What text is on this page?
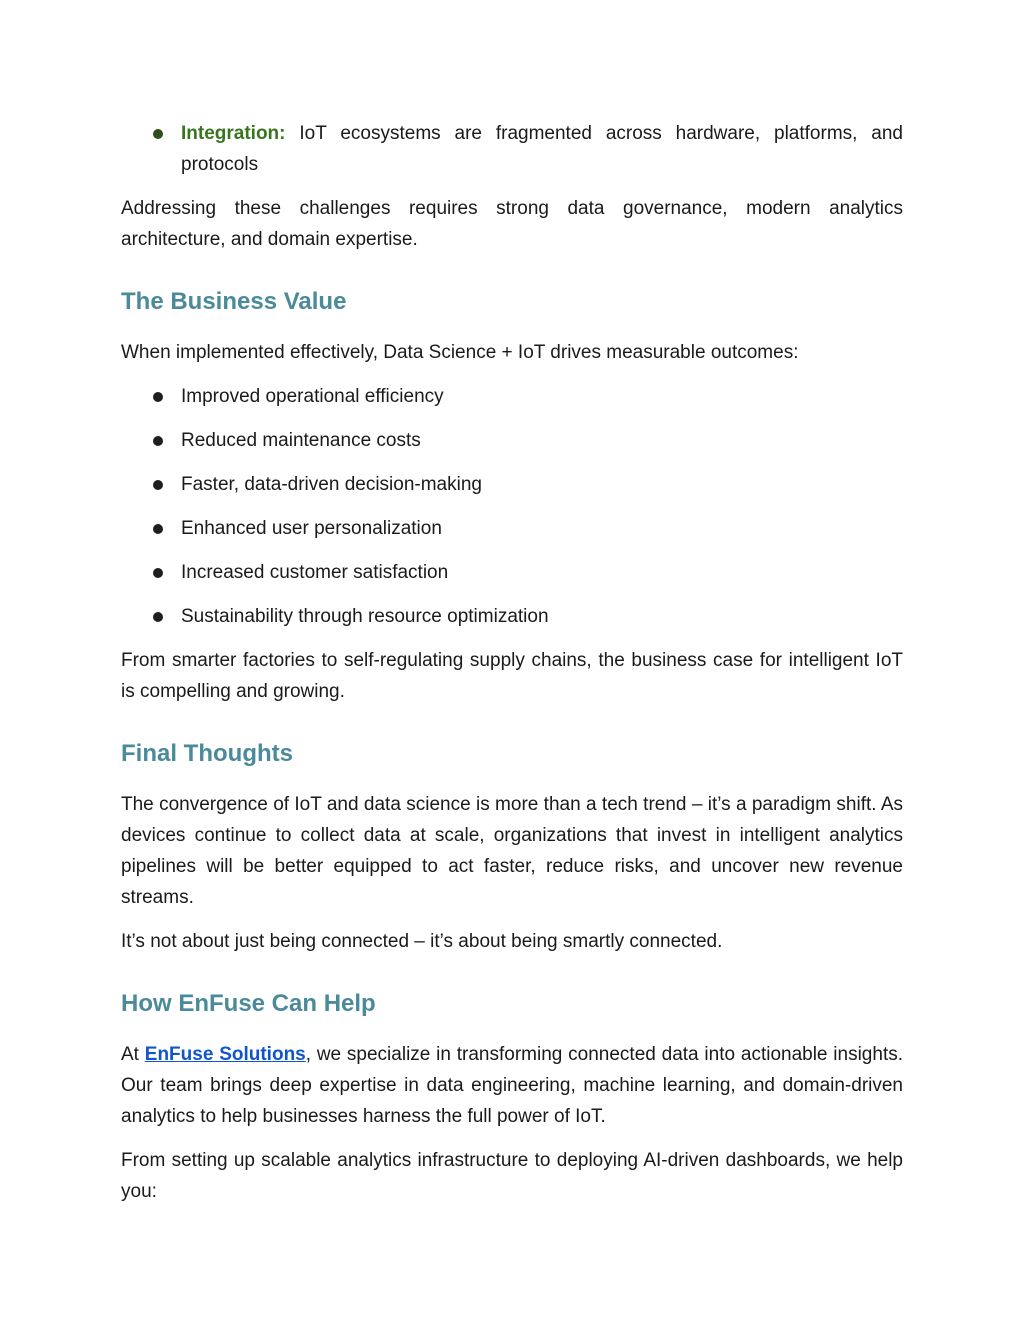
Integration: IoT ecosystems are fragmented across hardware, platforms, and protocols

Addressing these challenges requires strong data governance, modern analytics architecture, and domain expertise.

The Business Value

When implemented effectively, Data Science + IoT drives measurable outcomes:

Improved operational efficiency
Reduced maintenance costs
Faster, data-driven decision-making
Enhanced user personalization
Increased customer satisfaction
Sustainability through resource optimization

From smarter factories to self-regulating supply chains, the business case for intelligent IoT is compelling and growing.

Final Thoughts

The convergence of IoT and data science is more than a tech trend – it’s a paradigm shift. As devices continue to collect data at scale, organizations that invest in intelligent analytics pipelines will be better equipped to act faster, reduce risks, and uncover new revenue streams.

It’s not about just being connected – it’s about being smartly connected.

How EnFuse Can Help

At EnFuse Solutions, we specialize in transforming connected data into actionable insights. Our team brings deep expertise in data engineering, machine learning, and domain-driven analytics to help businesses harness the full power of IoT.

From setting up scalable analytics infrastructure to deploying AI-driven dashboards, we help you:
